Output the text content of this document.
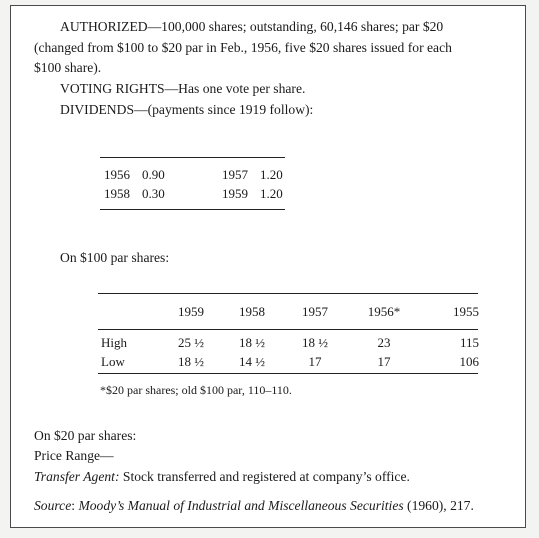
AUTHORIZED—100,000 shares; outstanding, 60,146 shares; par $20
(changed from $100 to $20 par in Feb., 1956, five $20 shares issued for each
$100 share).
VOTING RIGHTS—Has one vote per share.
DIVIDENDS—(payments since 1919 follow):
1956	0.90	1957	1.20
1958	0.30	1959	1.20
On $100 par shares:
	1959	1958	1957	1956*	1955
High	25 ½	18 ½	18 ½	23	115
Low	18 ½	14 ½	17	17	106
*$20 par shares; old $100 par, 110–110.
On $20 par shares:
Price Range—
Transfer Agent: Stock transferred and registered at company’s office.
Source: Moody’s Manual of Industrial and Miscellaneous Securities (1960), 217.
